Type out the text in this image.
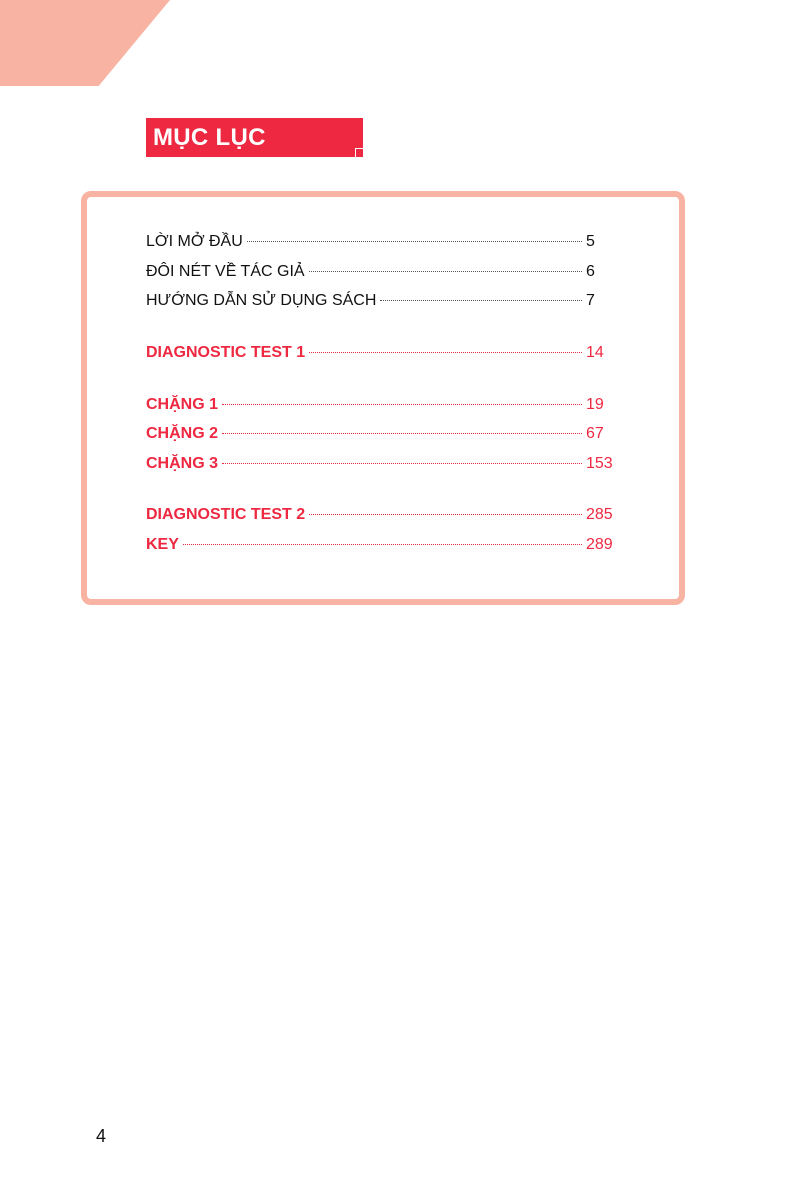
MỤC LỤC
LỜI MỞ ĐẦU	5
ĐÔI NÉT VỀ TÁC GIẢ	6
HƯỚNG DẪN SỬ DỤNG SÁCH	7
DIAGNOSTIC TEST 1	14
CHẶNG 1	19
CHẶNG 2	67
CHẶNG 3	153
DIAGNOSTIC TEST 2	285
KEY	289
4
